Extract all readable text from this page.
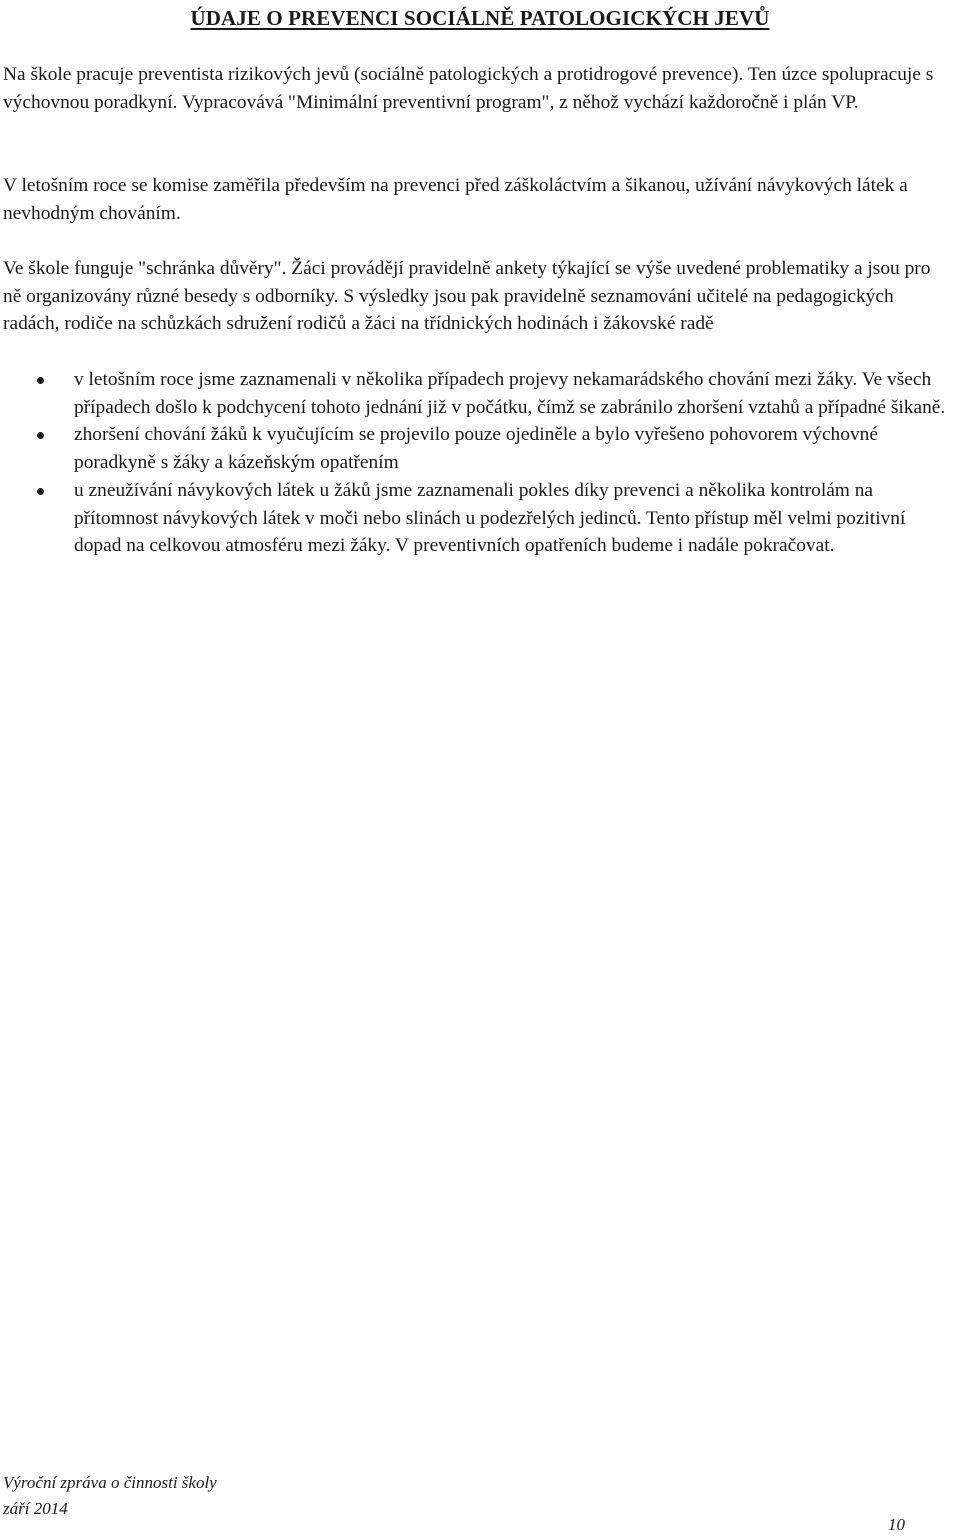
ÚDAJE O PREVENCI SOCIÁLNĚ PATOLOGICKÝCH JEVŮ

Na škole pracuje preventista rizikových jevů (sociálně patologických a protidrogové prevence). Ten úzce spolupracuje s výchovnou poradkyní. Vypracovává "Minimální preventivní program", z něhož vychází každoročně i plán VP.

V letošním roce se komise zaměřila především na prevenci před záškoláctvím a šikanou, užívání návykových látek a nevhodným chováním.

Ve škole funguje "schránka důvěry". Žáci provádějí pravidelně ankety týkající se výše uvedené problematiky a jsou pro ně organizovány různé besedy s odborníky. S výsledky jsou pak pravidelně seznamováni učitelé na pedagogických radách, rodiče na schůzkách sdružení rodičů a žáci na třídnických hodinách i žákovské radě

v letošním roce jsme zaznamenali v několika případech projevy nekamarádského chování mezi žáky. Ve všech případech došlo k podchycení tohoto jednání již v počátku, čímž se zabránilo zhoršení vztahů a případné šikaně.
zhoršení chování žáků k vyučujícím se projevilo pouze ojediněle a bylo vyřešeno pohovorem výchovné poradkyně s žáky a kázeňským opatřením
u zneužívání návykových látek u žáků jsme zaznamenali pokles díky prevenci a několika kontrolám na přítomnost návykových látek v moči nebo slinách u podezřelých jedinců. Tento přístup měl velmi pozitivní dopad na celkovou atmosféru mezi žáky. V preventivních opatřeních budeme i nadále pokračovat.
Výroční zpráva o činnosti školy
září 2014
10
